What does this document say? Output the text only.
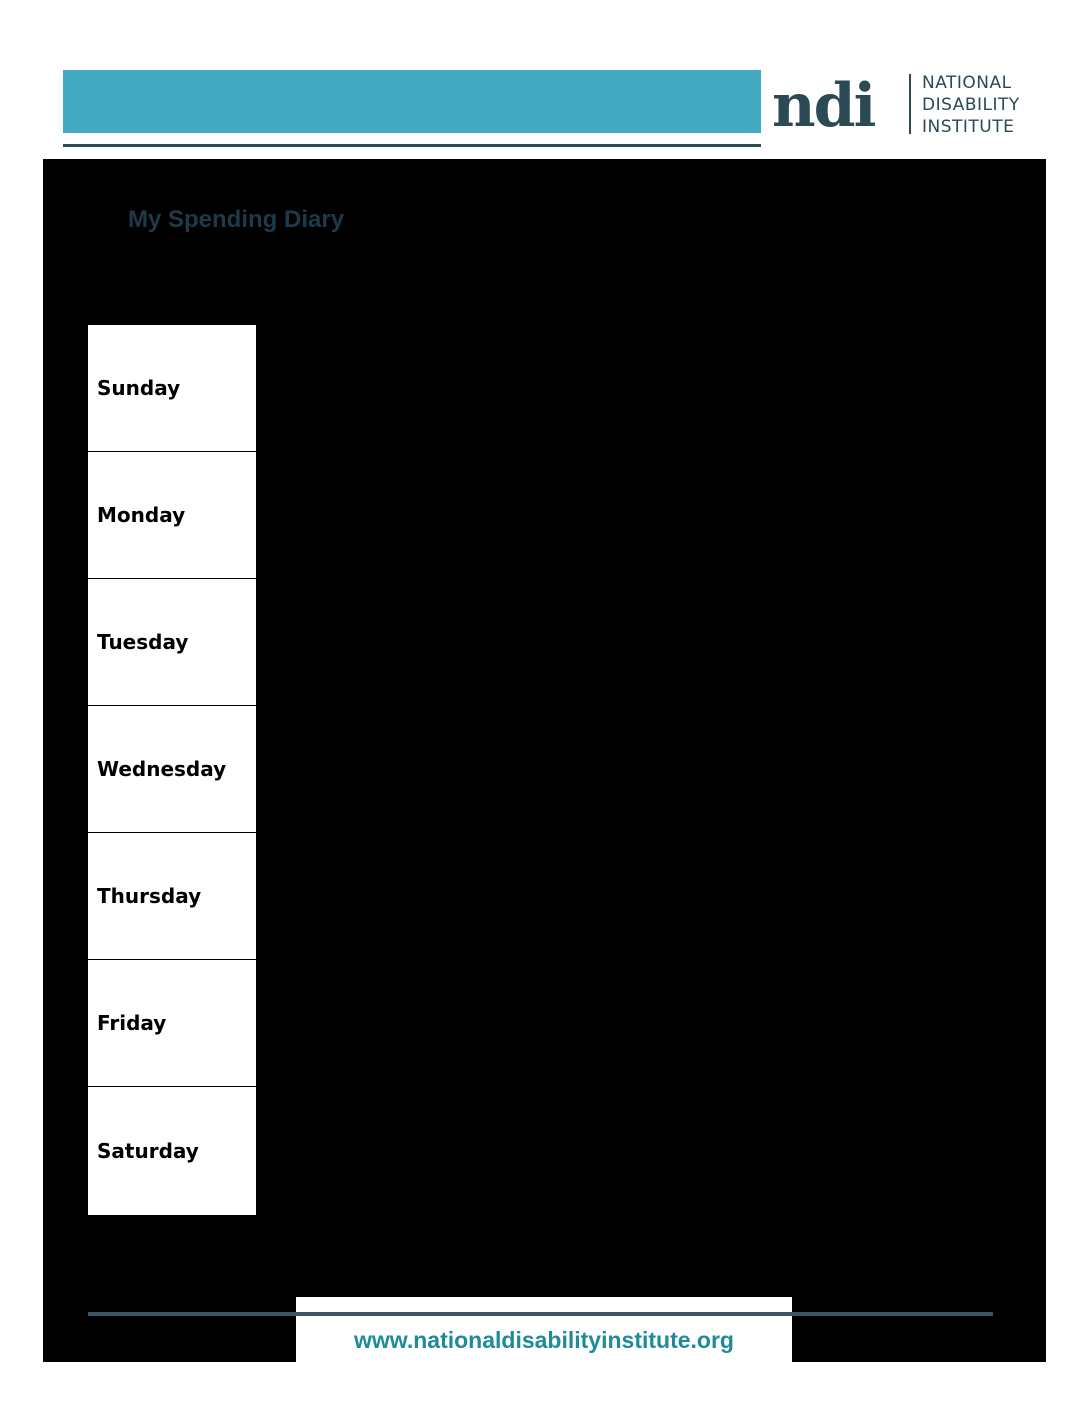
ndi	NATIONAL
DISABILITY
INSTITUTE
My Spending Diary
Sunday
Monday
Tuesday
Wednesday
Thursday
Friday
Saturday
www.nationaldisabilityinstitute.org
